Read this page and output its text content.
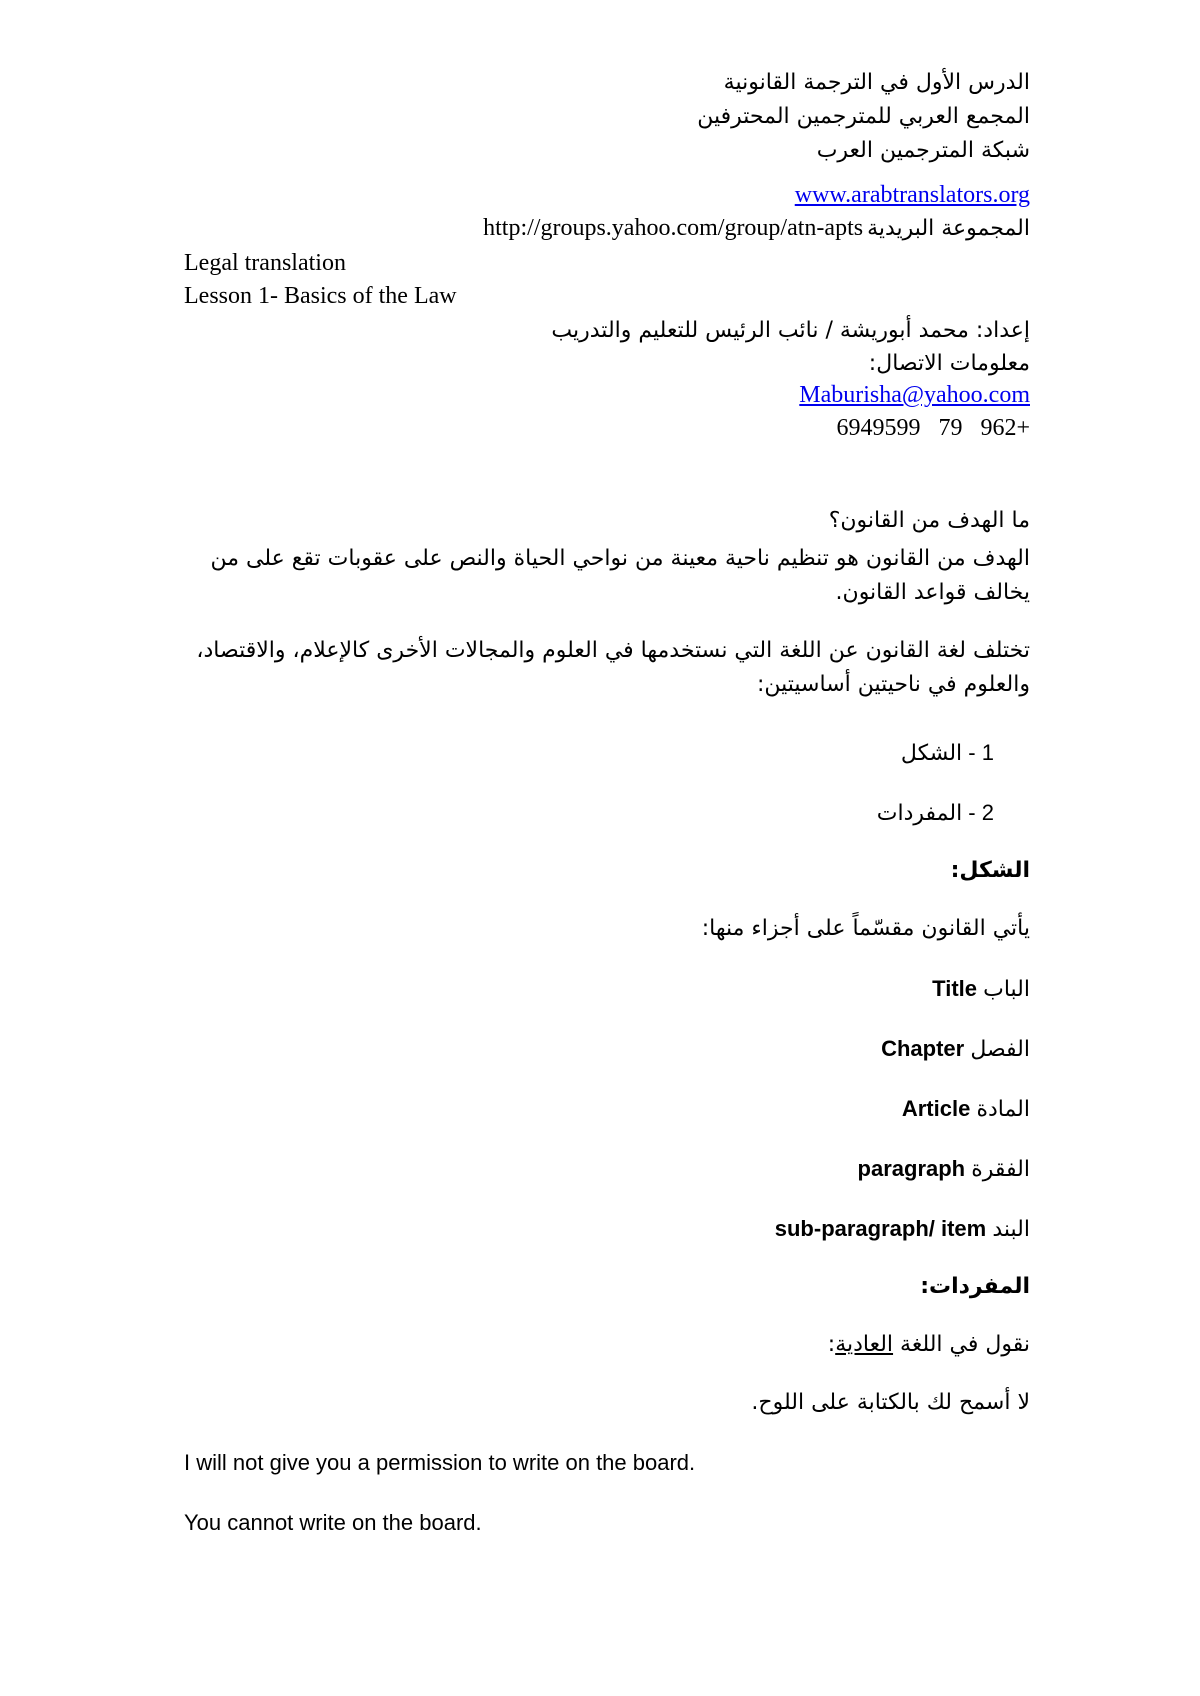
الدرس الأول في الترجمة القانونية

المجمع العربي للمترجمين المحترفين

شبكة المترجمين العرب

www.arabtranslators.org

المجموعة البريدية http://groups.yahoo.com/group/atn-apts

Legal translation

Lesson 1- Basics of the Law

إعداد: محمد أبوريشة / نائب الرئيس للتعليم والتدريب

معلومات الاتصال:

Maburisha@yahoo.com

+962   79   6949599

ما الهدف من القانون؟

الهدف من القانون هو تنظيم ناحية معينة من نواحي الحياة والنص على عقوبات تقع على من يخالف قواعد القانون.

تختلف لغة القانون عن اللغة التي نستخدمها في العلوم والمجالات الأخرى كالإعلام، والاقتصاد، والعلوم في ناحيتين أساسيتين:

1 - الشكل
2 - المفردات

الشكل:

يأتي القانون مقسّماً على أجزاء منها:

الباب Title

الفصل Chapter

المادة Article

الفقرة paragraph

البند sub-paragraph/ item

المفردات:

نقول في اللغة العادية:

لا أسمح لك بالكتابة على اللوح.

I will not give you a permission to write on the board.

You cannot write on the board.
